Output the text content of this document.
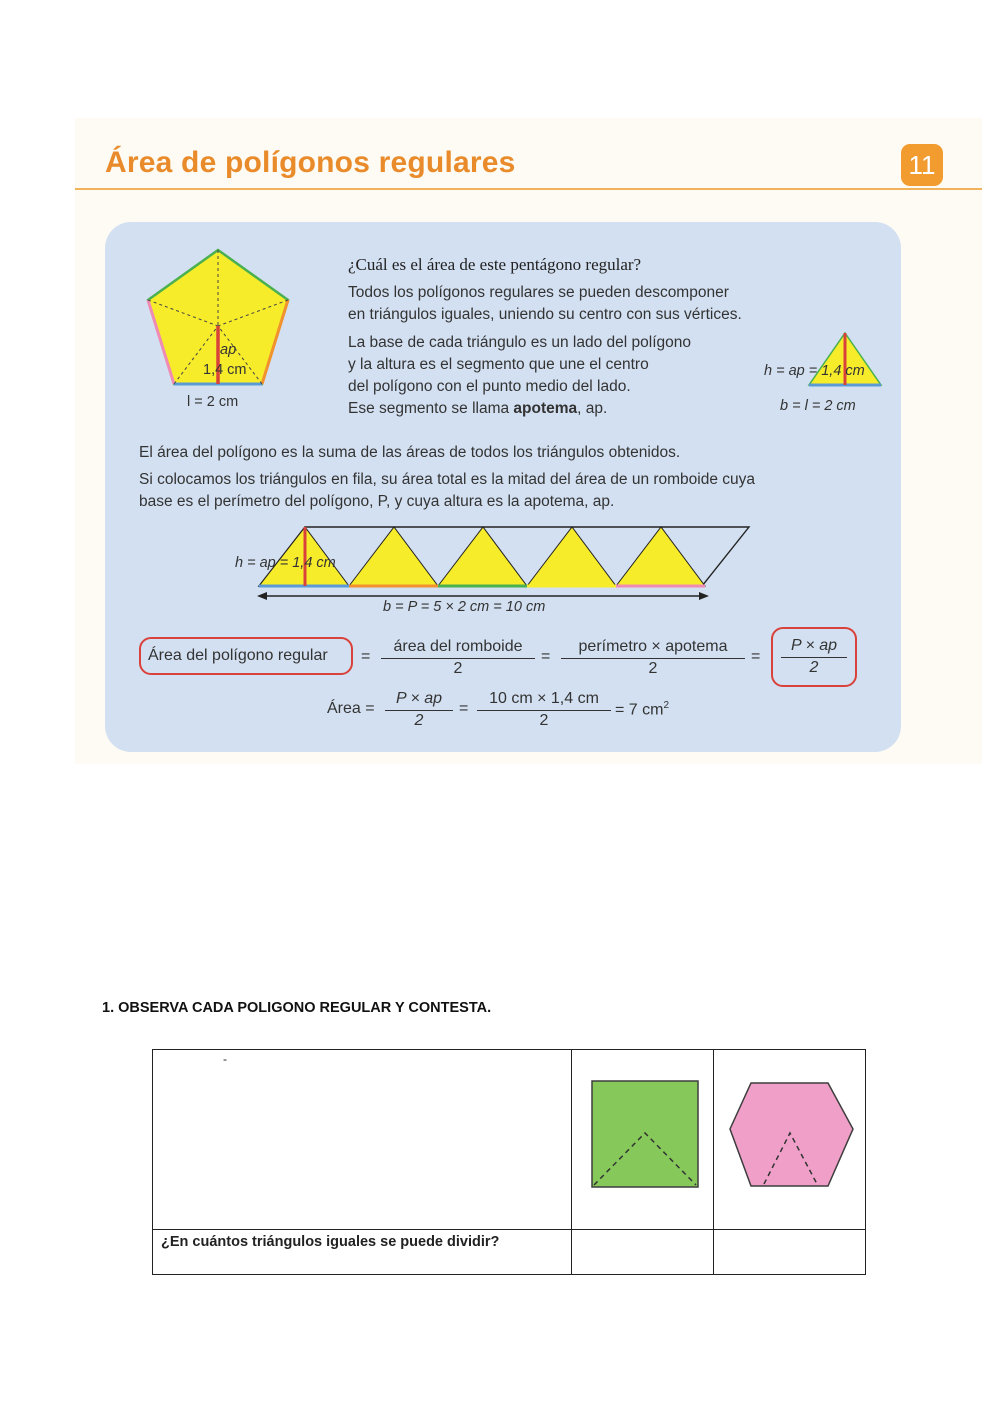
Área de polígonos regulares	11
ap
1,4 cm
l = 2 cm
¿Cuál es el área de este pentágono regular?
Todos los polígonos regulares se pueden descomponer
en triángulos iguales, uniendo su centro con sus vértices.
La base de cada triángulo es un lado del polígono
y la altura es el segmento que une el centro
del polígono con el punto medio del lado.
Ese segmento se llama apotema, ap.
h = ap = 1,4 cm
b = l = 2 cm
El área del polígono es la suma de las áreas de todos los triángulos obtenidos.
Si colocamos los triángulos en fila, su área total es la mitad del área de un romboide cuya
base es el perímetro del polígono, P, y cuya altura es la apotema, ap.
h = ap = 1,4 cm
b = P = 5 × 2 cm = 10 cm
Área del polígono regular =
área del romboide
2
=
perímetro × apotema
2
= $\frac{P \times ap}{2}$
Área = $\frac{P \times ap}{2} = \frac{10 cm \times 1,4 cm}{2} = 7$ $cm^2$
1. OBSERVA CADA POLIGONO REGULAR Y CONTESTA.
-

¿En cuántos triángulos iguales se puede dividir?		
